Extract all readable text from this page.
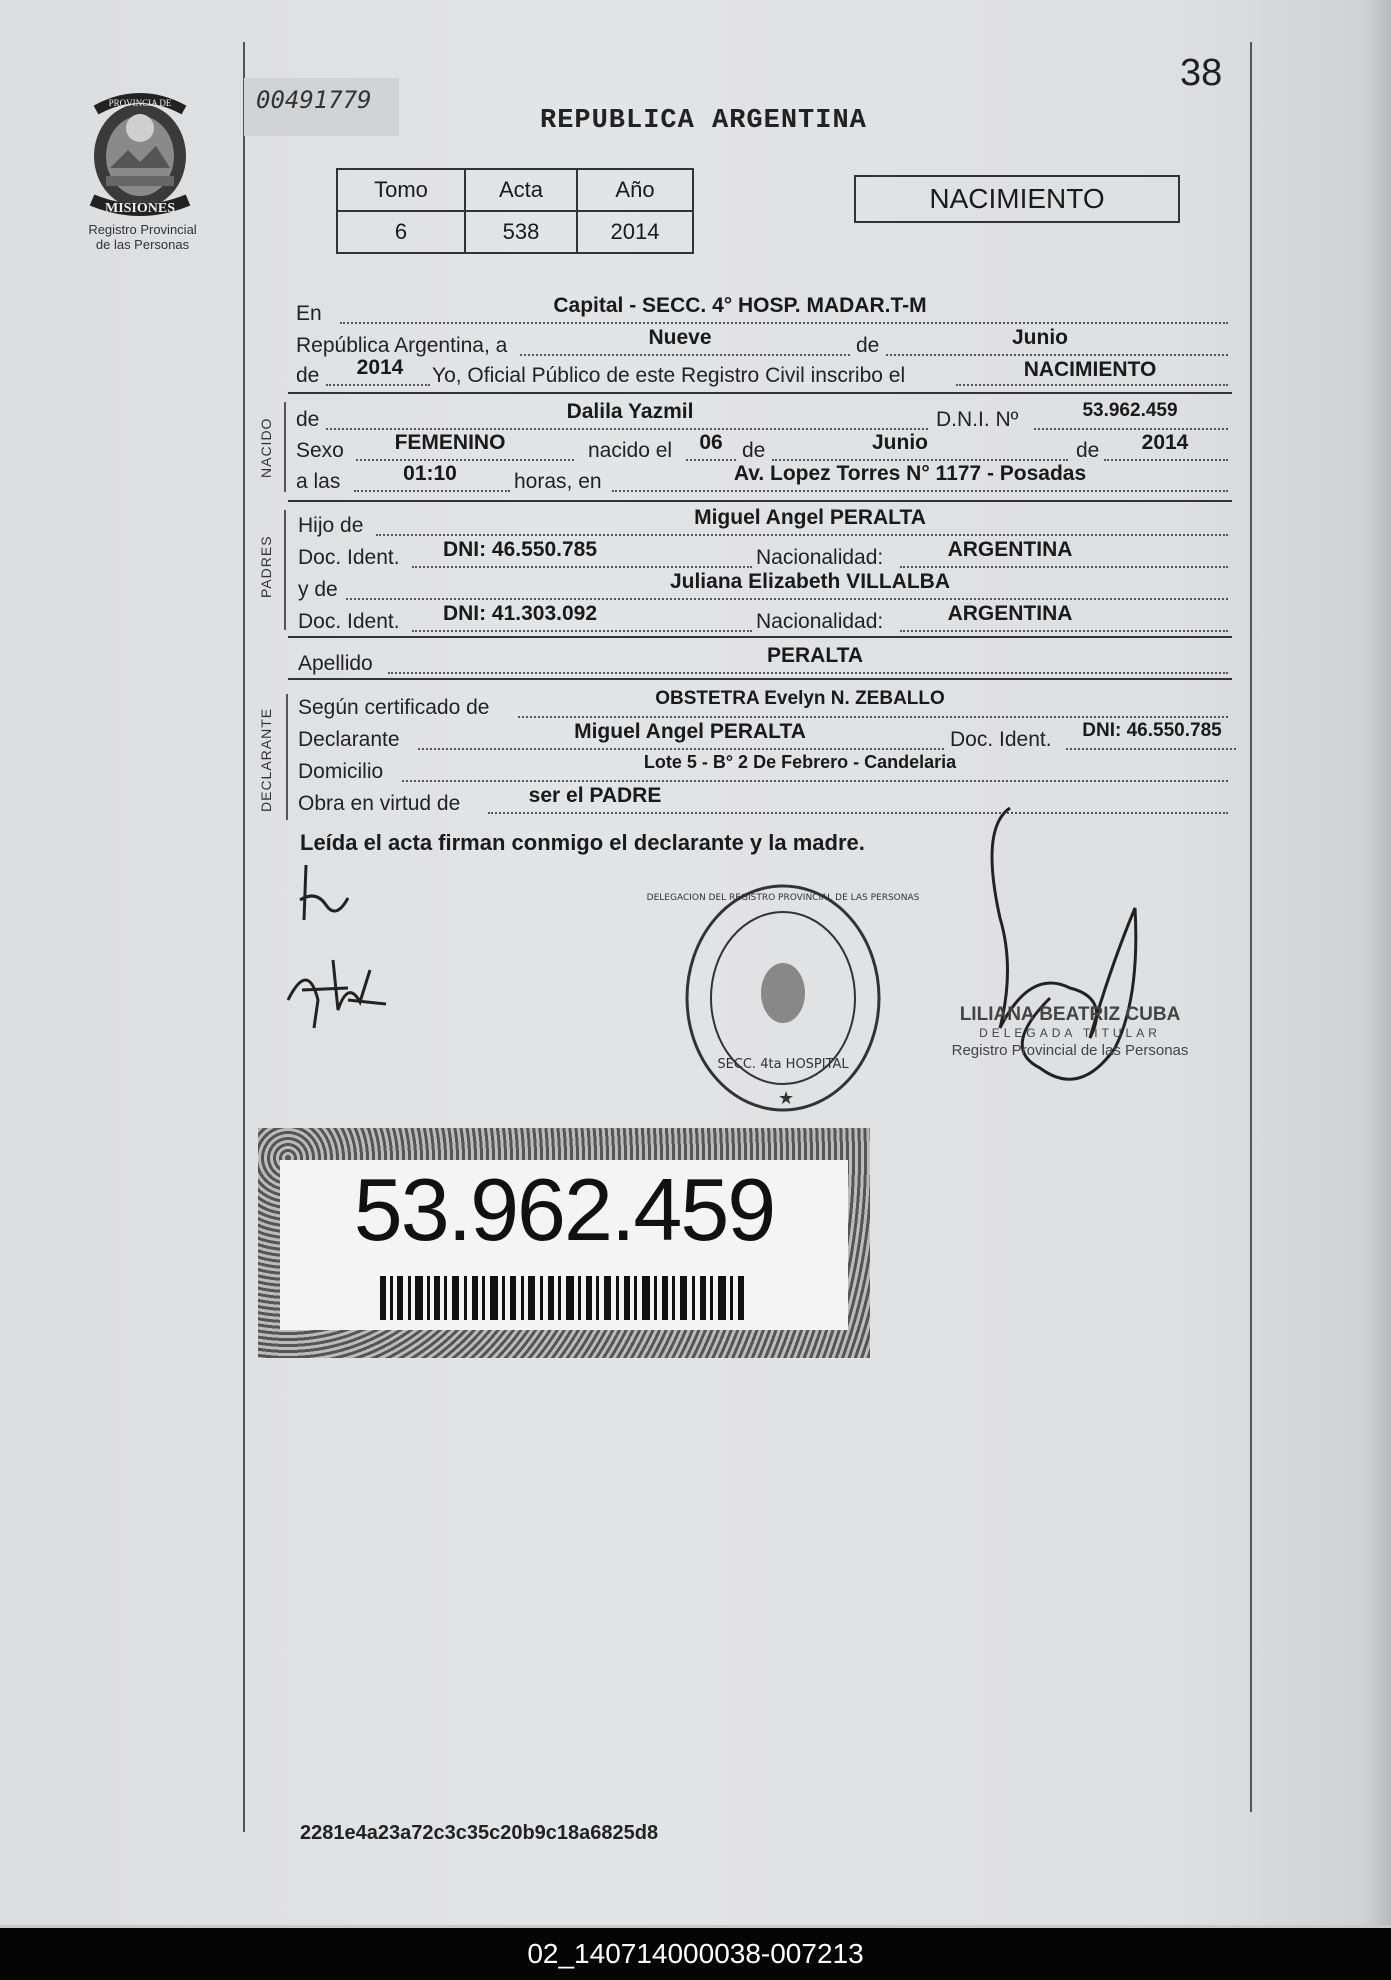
PROVINCIA DE
MISIONES
Registro Provincial
de las Personas
00491779
38
REPUBLICA ARGENTINA
Tomo	Acta	Año
6	538	2014
NACIMIENTO
En	Capital - SECC. 4° HOSP. MADAR.T-M
República Argentina, a	Nueve	de	Junio
de	2014	Yo, Oficial Público de este Registro Civil inscribo el	NACIMIENTO
NACIDO de	Dalila Yazmil	D.N.I. Nº	53.962.459
Sexo	FEMENINO	nacido el	06 de	Junio	de	2014
a las	01:10	horas, en	Av. Lopez Torres N° 1177 - Posadas
PADRES
Hijo de	Miguel Angel PERALTA
Doc. Ident.	DNI: 46.550.785	Nacionalidad:	ARGENTINA
y de	Juliana Elizabeth VILLALBA
Doc. Ident.	DNI: 41.303.092	Nacionalidad:	ARGENTINA
Apellido	PERALTA
DECLARANTE
Según certificado de	OBSTETRA Evelyn N. ZEBALLO
Declarante	Miguel Angel PERALTA	Doc. Ident.	DNI: 46.550.785
Domicilio	Lote 5 - B° 2 De Febrero - Candelaria
Obra en virtud de	ser el PADRE
Leída el acta firman conmigo el declarante y la madre.
SECC. 4ta HOSPITAL
DELEGACION DEL REGISTRO PROVINCIAL DE LAS PERSONAS
★
LILIANA BEATRIZ CUBA
DELEGADA TITULAR
Registro Provincial de las Personas
53.962.459
2281e4a23a72c3c35c20b9c18a6825d8
02_140714000038-007213
